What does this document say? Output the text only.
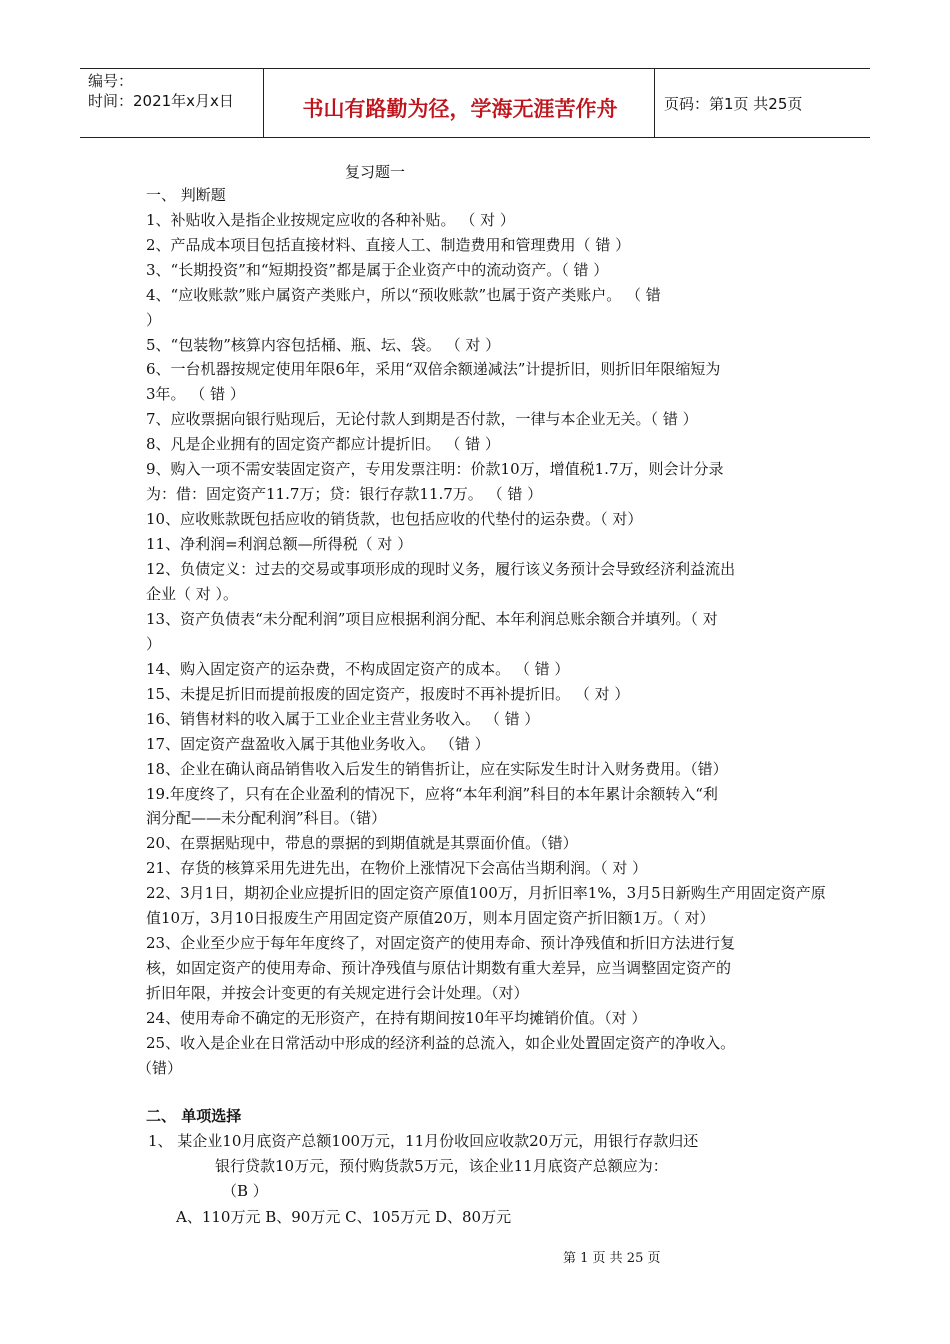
编号：
时间：2021年x月x日	书山有路勤为径，学海无涯苦作舟	页码：第1页 共25页
复习题一
一、 判断题
1、补贴收入是指企业按规定应收的各种补贴。 （ 对 ）
2、产品成本项目包括直接材料、直接人工、制造费用和管理费用（ 错 ）
3、“长期投资”和“短期投资”都是属于企业资产中的流动资产。（ 错 ）
4、“应收账款”账户属资产类账户，所以“预收账款”也属于资产类账户。 （ 错
）
5、“包装物”核算内容包括桶、瓶、坛、袋。 （ 对 ）
6、一台机器按规定使用年限6年，采用“双倍余额递减法”计提折旧，则折旧年限缩短为
3年。 （ 错 ）
7、应收票据向银行贴现后，无论付款人到期是否付款，一律与本企业无关。（ 错 ）
8、凡是企业拥有的固定资产都应计提折旧。 （ 错 ）
9、购入一项不需安装固定资产，专用发票注明：价款10万，增值税1.7万，则会计分录
为：借：固定资产11.7万；贷：银行存款11.7万。 （ 错 ）
10、应收账款既包括应收的销货款，也包括应收的代垫付的运杂费。（ 对）
11、净利润=利润总额—所得税（ 对 ）
12、负债定义：过去的交易或事项形成的现时义务，履行该义务预计会导致经济利益流出
企业（ 对 ）。
13、资产负债表“未分配利润”项目应根据利润分配、本年利润总账余额合并填列。（ 对
）
14、购入固定资产的运杂费，不构成固定资产的成本。 （ 错 ）
15、未提足折旧而提前报废的固定资产，报废时不再补提折旧。 （ 对 ）
16、销售材料的收入属于工业企业主营业务收入。 （ 错 ）
17、固定资产盘盈收入属于其他业务收入。 （错 ）
18、企业在确认商品销售收入后发生的销售折让，应在实际发生时计入财务费用。（错）
19.年度终了，只有在企业盈利的情况下，应将“本年利润”科目的本年累计余额转入“利
润分配——未分配利润”科目。（错）
20、在票据贴现中，带息的票据的到期值就是其票面价值。（错）
21、存货的核算采用先进先出，在物价上涨情况下会高估当期利润。（ 对 ）
22、3月1日，期初企业应提折旧的固定资产原值100万，月折旧率1%，3月5日新购生产用固定资产原
值10万，3月10日报废生产用固定资产原值20万，则本月固定资产折旧额1万。（ 对）
23、企业至少应于每年年度终了，对固定资产的使用寿命、预计净残值和折旧方法进行复
核，如固定资产的使用寿命、预计净残值与原估计期数有重大差异，应当调整固定资产的
折旧年限，并按会计变更的有关规定进行会计处理。（对）
24、使用寿命不确定的无形资产，在持有期间按10年平均摊销价值。（对 ）
25、收入是企业在日常活动中形成的经济利益的总流入，如企业处置固定资产的净收入。
（错）
二、 单项选择
1、 某企业10月底资产总额100万元，11月份收回应收款20万元，用银行存款归还
银行贷款10万元，预付购货款5万元，该企业11月底资产总额应为：
（B ）
A、110万元 B、90万元 C、105万元 D、80万元
第 1 页 共 25 页
